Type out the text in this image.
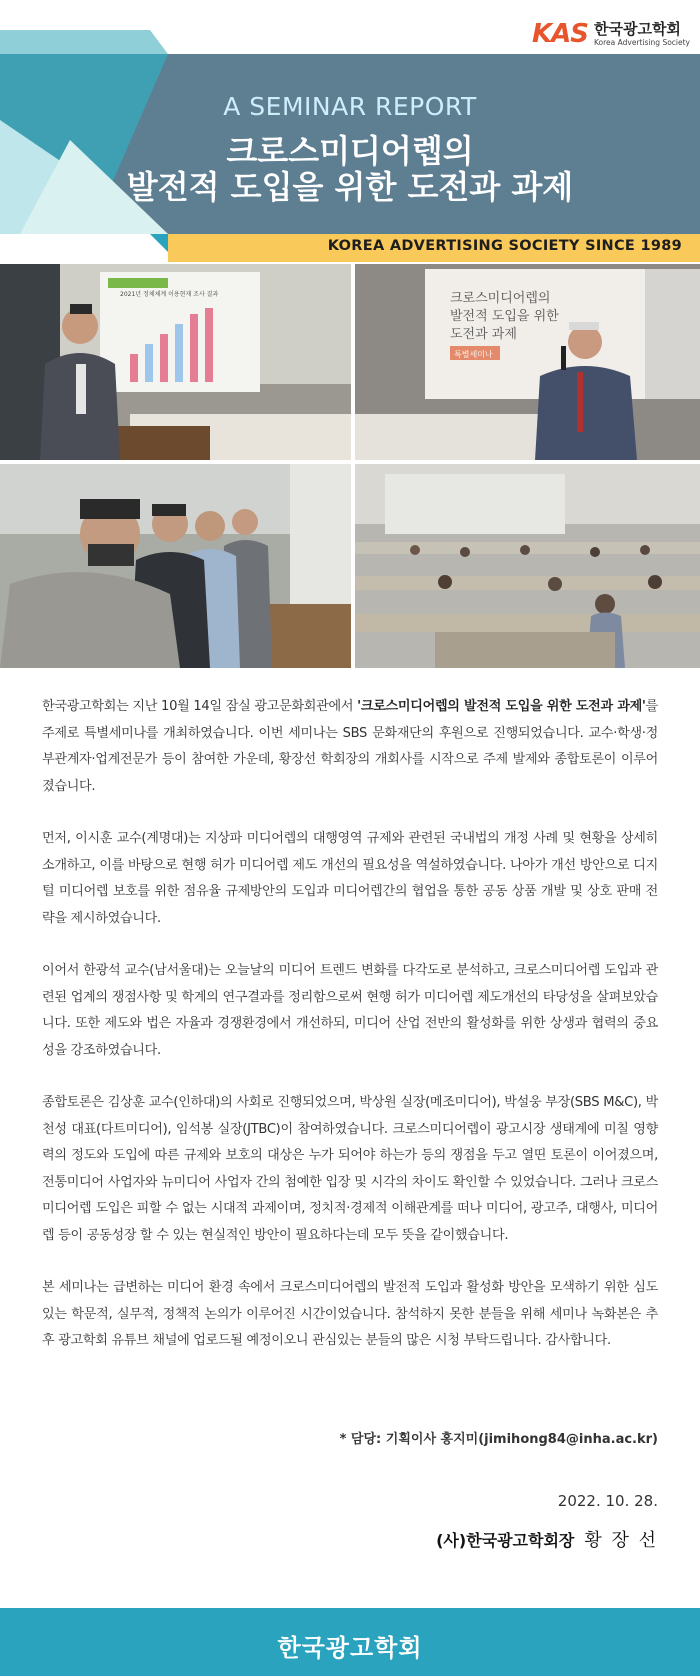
KAS 한국광고학회
Korea Advertising Society
A SEMINAR REPORT
크로스미디어렙의
발전적 도입을 위한 도전과 과제
KOREA ADVERTISING SOCIETY SINCE 1989
2021년 정체체계 이용현재 조사 결과	크로스미디어렙의
발전적 도입을 위한
도전과 과제
특별세미나

한국광고학회는 지난 10월 14일 잠실 광고문화회관에서 '크로스미디어렙의 발전적 도입을 위한 도전과 과제'를 주제로 특별세미나를 개최하였습니다. 이번 세미나는 SBS 문화재단의 후원으로 진행되었습니다. 교수·학생·정부관계자·업계전문가 등이 참여한 가운데, 황장선 학회장의 개회사를 시작으로 주제 발제와 종합토론이 이루어졌습니다.

먼저, 이시훈 교수(계명대)는 지상파 미디어렙의 대행영역 규제와 관련된 국내법의 개정 사례 및 현황을 상세히 소개하고, 이를 바탕으로 현행 허가 미디어렙 제도 개선의 필요성을 역설하였습니다. 나아가 개선 방안으로 디지털 미디어렙 보호를 위한 점유율 규제방안의 도입과 미디어렙간의 협업을 통한 공동 상품 개발 및 상호 판매 전략을 제시하였습니다.

이어서 한광석 교수(남서울대)는 오늘날의 미디어 트렌드 변화를 다각도로 분석하고, 크로스미디어렙 도입과 관련된 업계의 쟁점사항 및 학계의 연구결과를 정리함으로써 현행 허가 미디어렙 제도개선의 타당성을 살펴보았습니다. 또한 제도와 법은 자율과 경쟁환경에서 개선하되, 미디어 산업 전반의 활성화를 위한 상생과 협력의 중요성을 강조하였습니다.

종합토론은 김상훈 교수(인하대)의 사회로 진행되었으며, 박상원 실장(메조미디어), 박설웅 부장(SBS M&C), 박천성 대표(다트미디어), 임석봉 실장(JTBC)이 참여하였습니다. 크로스미디어렙이 광고시장 생태계에 미칠 영향력의 정도와 도입에 따른 규제와 보호의 대상은 누가 되어야 하는가 등의 쟁점을 두고 열띤 토론이 이어졌으며, 전통미디어 사업자와 뉴미디어 사업자 간의 첨예한 입장 및 시각의 차이도 확인할 수 있었습니다. 그러나 크로스미디어렙 도입은 피할 수 없는 시대적 과제이며, 정치적·경제적 이해관계를 떠나 미디어, 광고주, 대행사, 미디어렙 등이 공동성장 할 수 있는 현실적인 방안이 필요하다는데 모두 뜻을 같이했습니다.

본 세미나는 급변하는 미디어 환경 속에서 크로스미디어렙의 발전적 도입과 활성화 방안을 모색하기 위한 심도 있는 학문적, 실무적, 정책적 논의가 이루어진 시간이었습니다. 참석하지 못한 분들을 위해 세미나 녹화본은 추후 광고학회 유튜브 채널에 업로드될 예정이오니 관심있는 분들의 많은 시청 부탁드립니다. 감사합니다.

* 담당: 기획이사 홍지미(jimihong84@inha.ac.kr)
2022. 10. 28.
(사)한국광고학회장 황 장 선
한국광고학회
